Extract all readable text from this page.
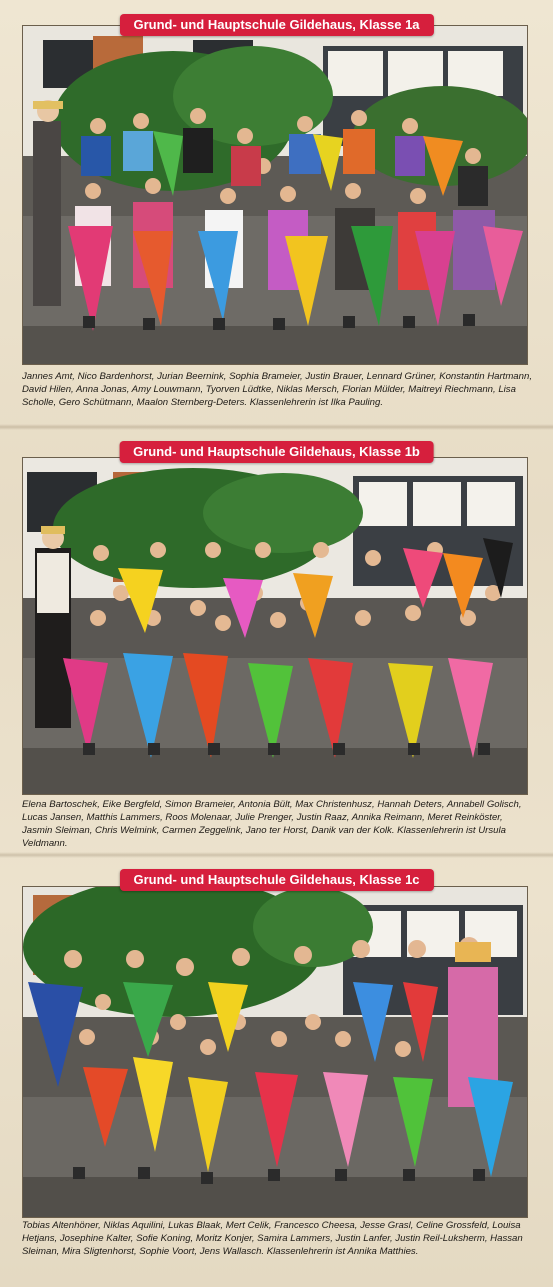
Grund- und Hauptschule Gildehaus, Klasse 1a
Jannes Amt, Nico Bardenhorst, Jurian Beernink, Sophia Brameier, Justin Brauer, Lennard Grüner, Konstantin Hartmann, David Hilen, Anna Jonas, Amy Louwmann, Tyorven Lüdtke, Niklas Mersch, Florian Mülder, Maitreyi Riechmann, Lisa Scholle, Gero Schütmann, Maalon Sternberg-Deters. Klassenlehrerin ist Ilka Pauling.
Grund- und Hauptschule Gildehaus, Klasse 1b
Elena Bartoschek, Eike Bergfeld, Simon Brameier, Antonia Bült, Max Christenhusz, Hannah Deters, Annabell Golisch, Lucas Jansen, Matthis Lammers, Roos Molenaar, Julie Prenger, Justin Raaz, Annika Reimann, Meret Reinköster, Jasmin Sleiman, Chris Welmink, Carmen Zeggelink, Jano ter Horst, Danik van der Kolk. Klassenlehrerin ist Ursula Veldmann.
Grund- und Hauptschule Gildehaus, Klasse 1c
Tobias Altenhöner, Niklas Aquilini, Lukas Blaak, Mert Celik, Francesco Cheesa, Jesse Grasl, Celine Grossfeld, Louisa Hetjans, Josephine Kalter, Sofie Koning, Moritz Konjer, Samira Lammers, Justin Lanfer, Justin Reil-Luksherm, Hassan Sleiman, Mira Sligtenhorst, Sophie Voort, Jens Wallasch. Klassenlehrerin ist Annika Matthies.
